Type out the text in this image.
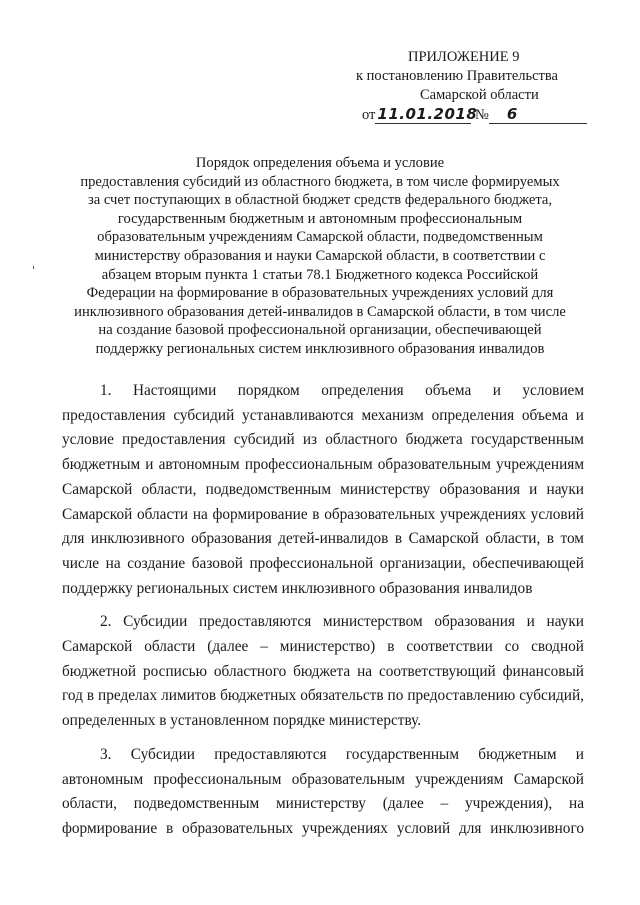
ПРИЛОЖЕНИЕ 9
к постановлению Правительства
Самарской области
от 11.01.2018 № 6
Порядок определения объема и условие
предоставления субсидий из областного бюджета, в том числе формируемых
за счет поступающих в областной бюджет средств федерального бюджета,
государственным бюджетным и автономным профессиональным
образовательным учреждениям Самарской области, подведомственным
министерству образования и науки Самарской области, в соответствии с
абзацем вторым пункта 1 статьи 78.1 Бюджетного кодекса Российской
Федерации на формирование в образовательных учреждениях условий для
инклюзивного образования детей-инвалидов в Самарской области, в том числе
на создание базовой профессиональной организации, обеспечивающей
поддержку региональных систем инклюзивного образования инвалидов
1. Настоящими порядком определения объема и условием
предоставления субсидий устанавливаются механизм определения объема и
условие предоставления субсидий из областного бюджета государственным
бюджетным и автономным профессиональным образовательным учреждениям
Самарской области, подведомственным министерству образования и науки
Самарской области на формирование в образовательных учреждениях условий
для инклюзивного образования детей-инвалидов в Самарской области, в том
числе на создание базовой профессиональной организации, обеспечивающей
поддержку региональных систем инклюзивного образования инвалидов
2. Субсидии предоставляются министерством образования и науки
Самарской области (далее – министерство) в соответствии со сводной
бюджетной росписью областного бюджета на соответствующий финансовый
год в пределах лимитов бюджетных обязательств по предоставлению субсидий,
определенных в установленном порядке министерству.
3. Субсидии предоставляются государственным бюджетным и
автономным профессиональным образовательным учреждениям Самарской
области, подведомственным министерству (далее – учреждения), на
формирование в образовательных учреждениях условий для инклюзивного
